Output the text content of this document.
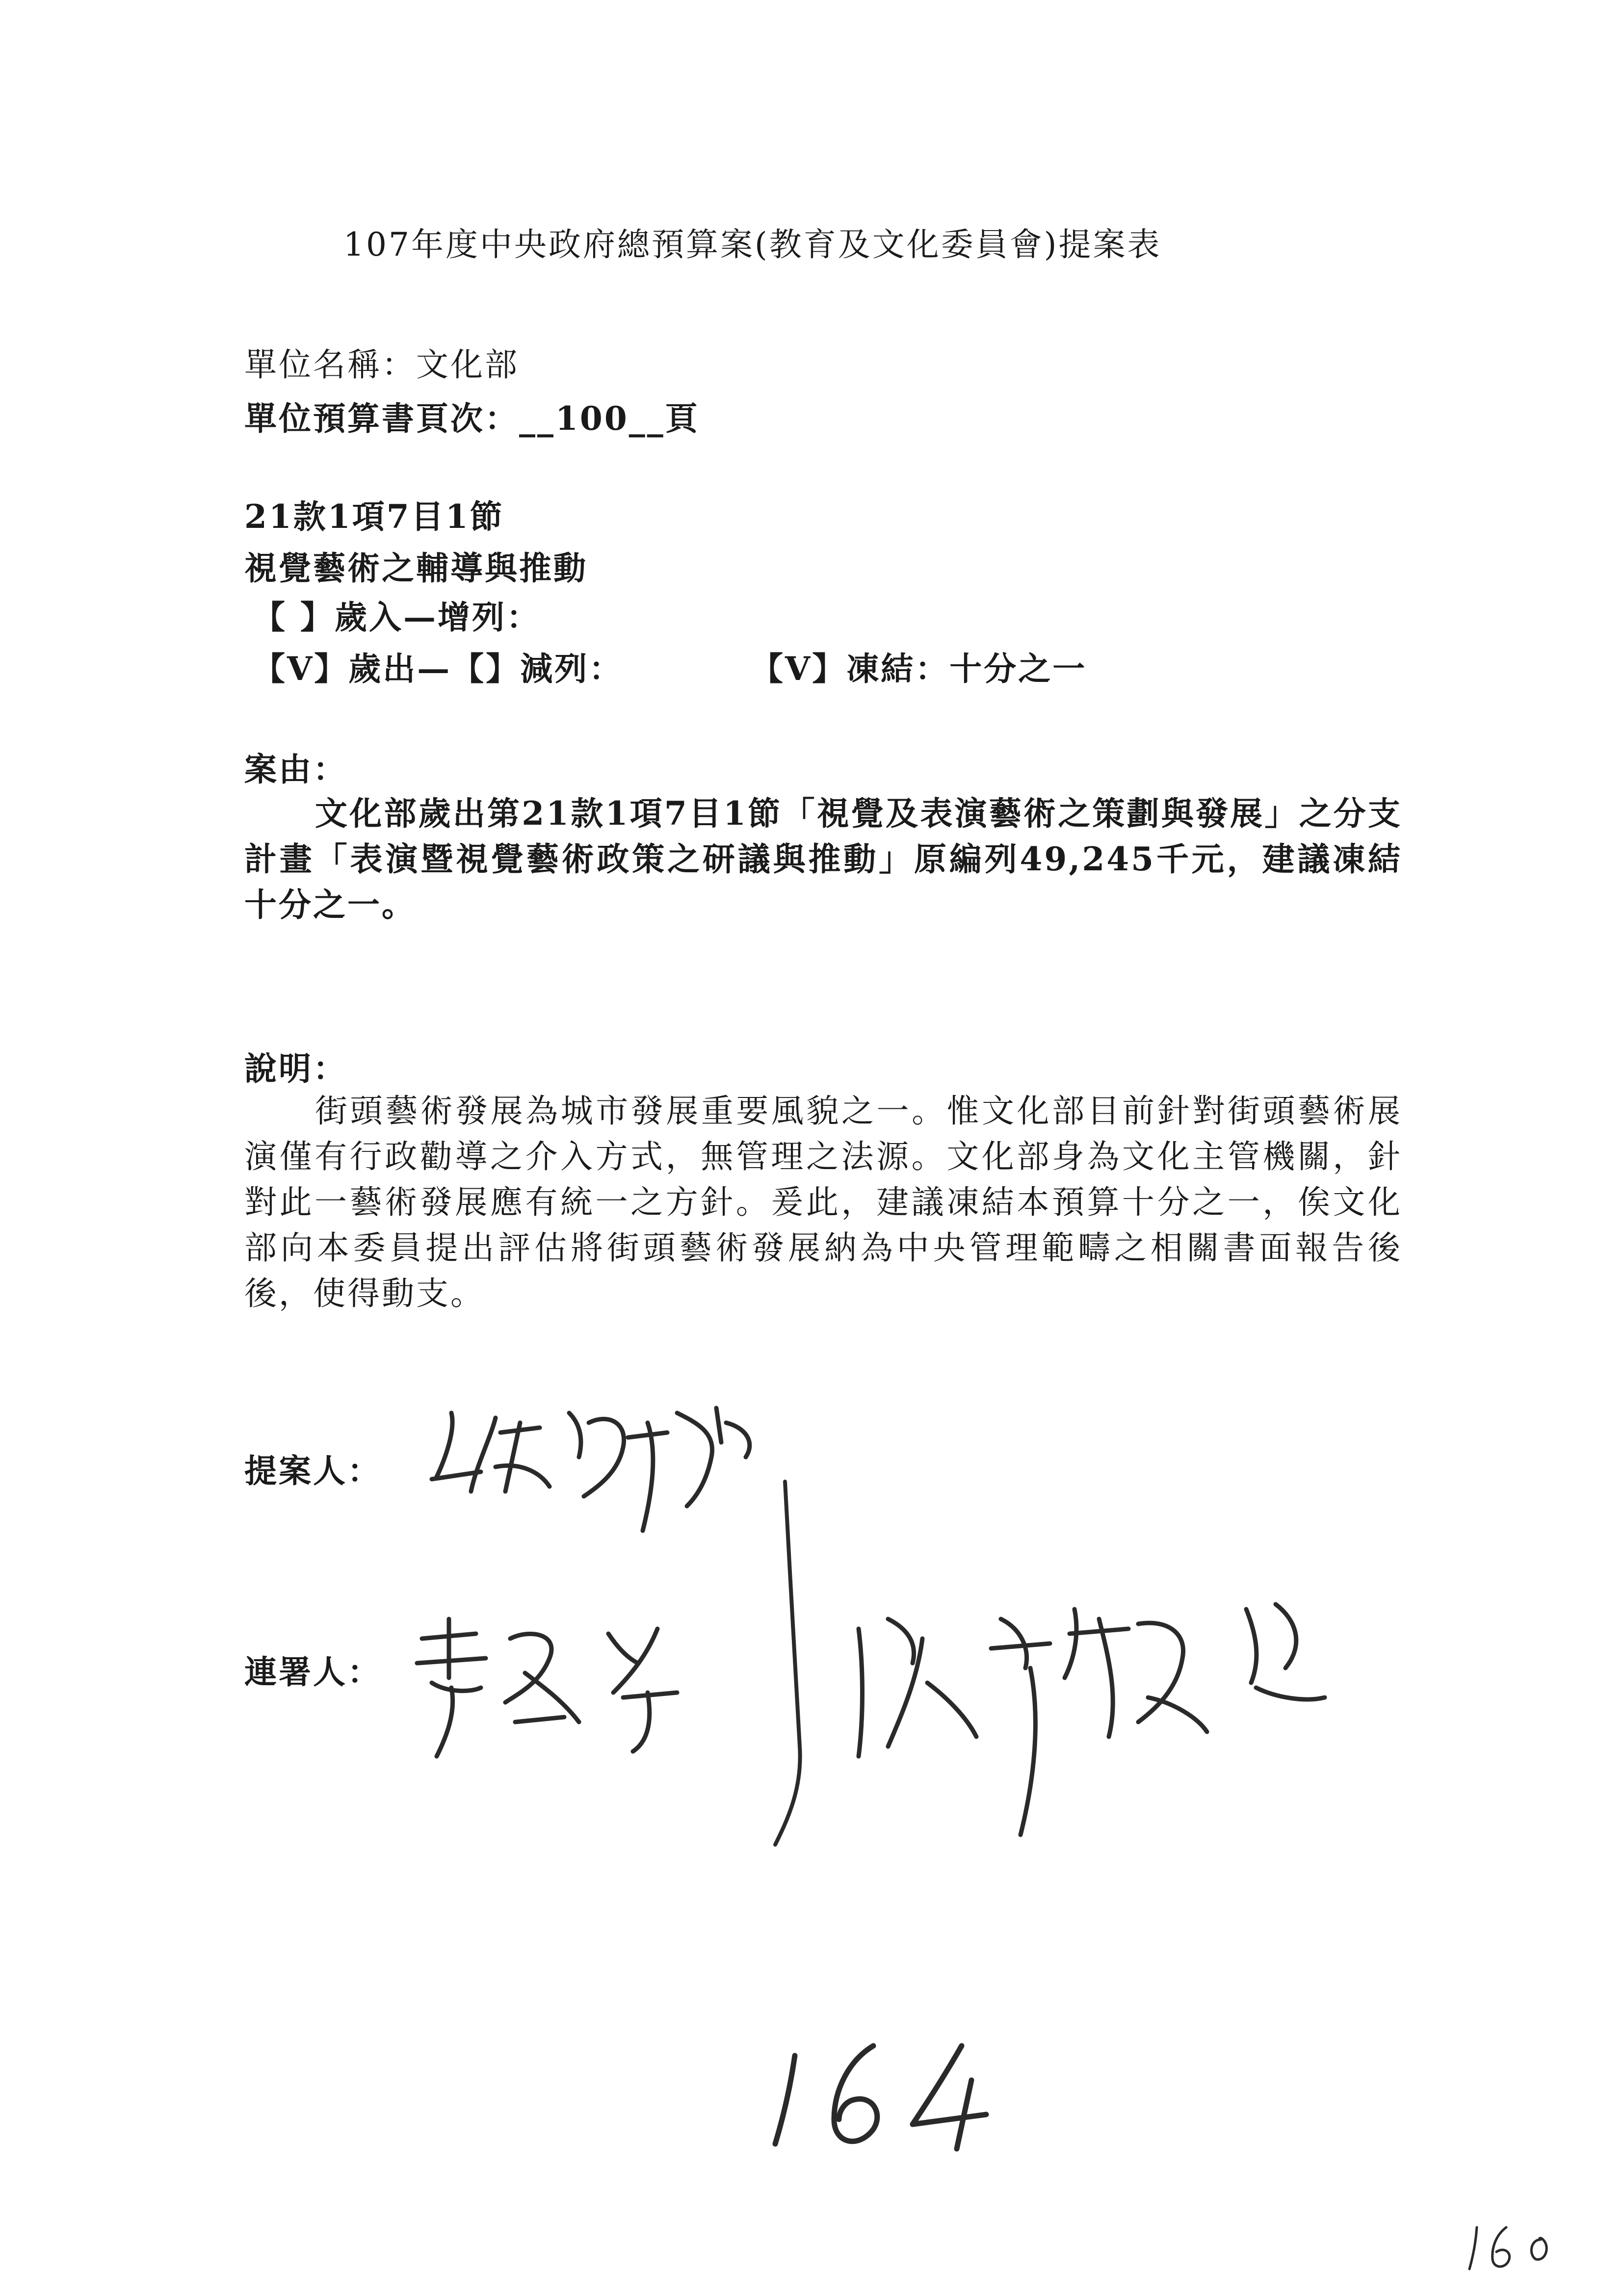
107年度中央政府總預算案(教育及文化委員會)提案表

單位名稱：文化部

單位預算書頁次：__100__頁

21款1項7目1節

視覺藝術之輔導與推動

【 】歲入—增列：

【V】歲出—【】減列：	【V】凍結：十分之一

案由：

文化部歲出第21款1項7目1節「視覺及表演藝術之策劃與發展」之分支計畫「表演暨視覺藝術政策之研議與推動」原編列49,245千元，建議凍結十分之一。

說明：

街頭藝術發展為城市發展重要風貌之一。惟文化部目前針對街頭藝術展演僅有行政勸導之介入方式，無管理之法源。文化部身為文化主管機關，針對此一藝術發展應有統一之方針。爰此，建議凍結本預算十分之一，俟文化部向本委員提出評估將街頭藝術發展納為中央管理範疇之相關書面報告後後，使得動支。

提案人：

連署人：
